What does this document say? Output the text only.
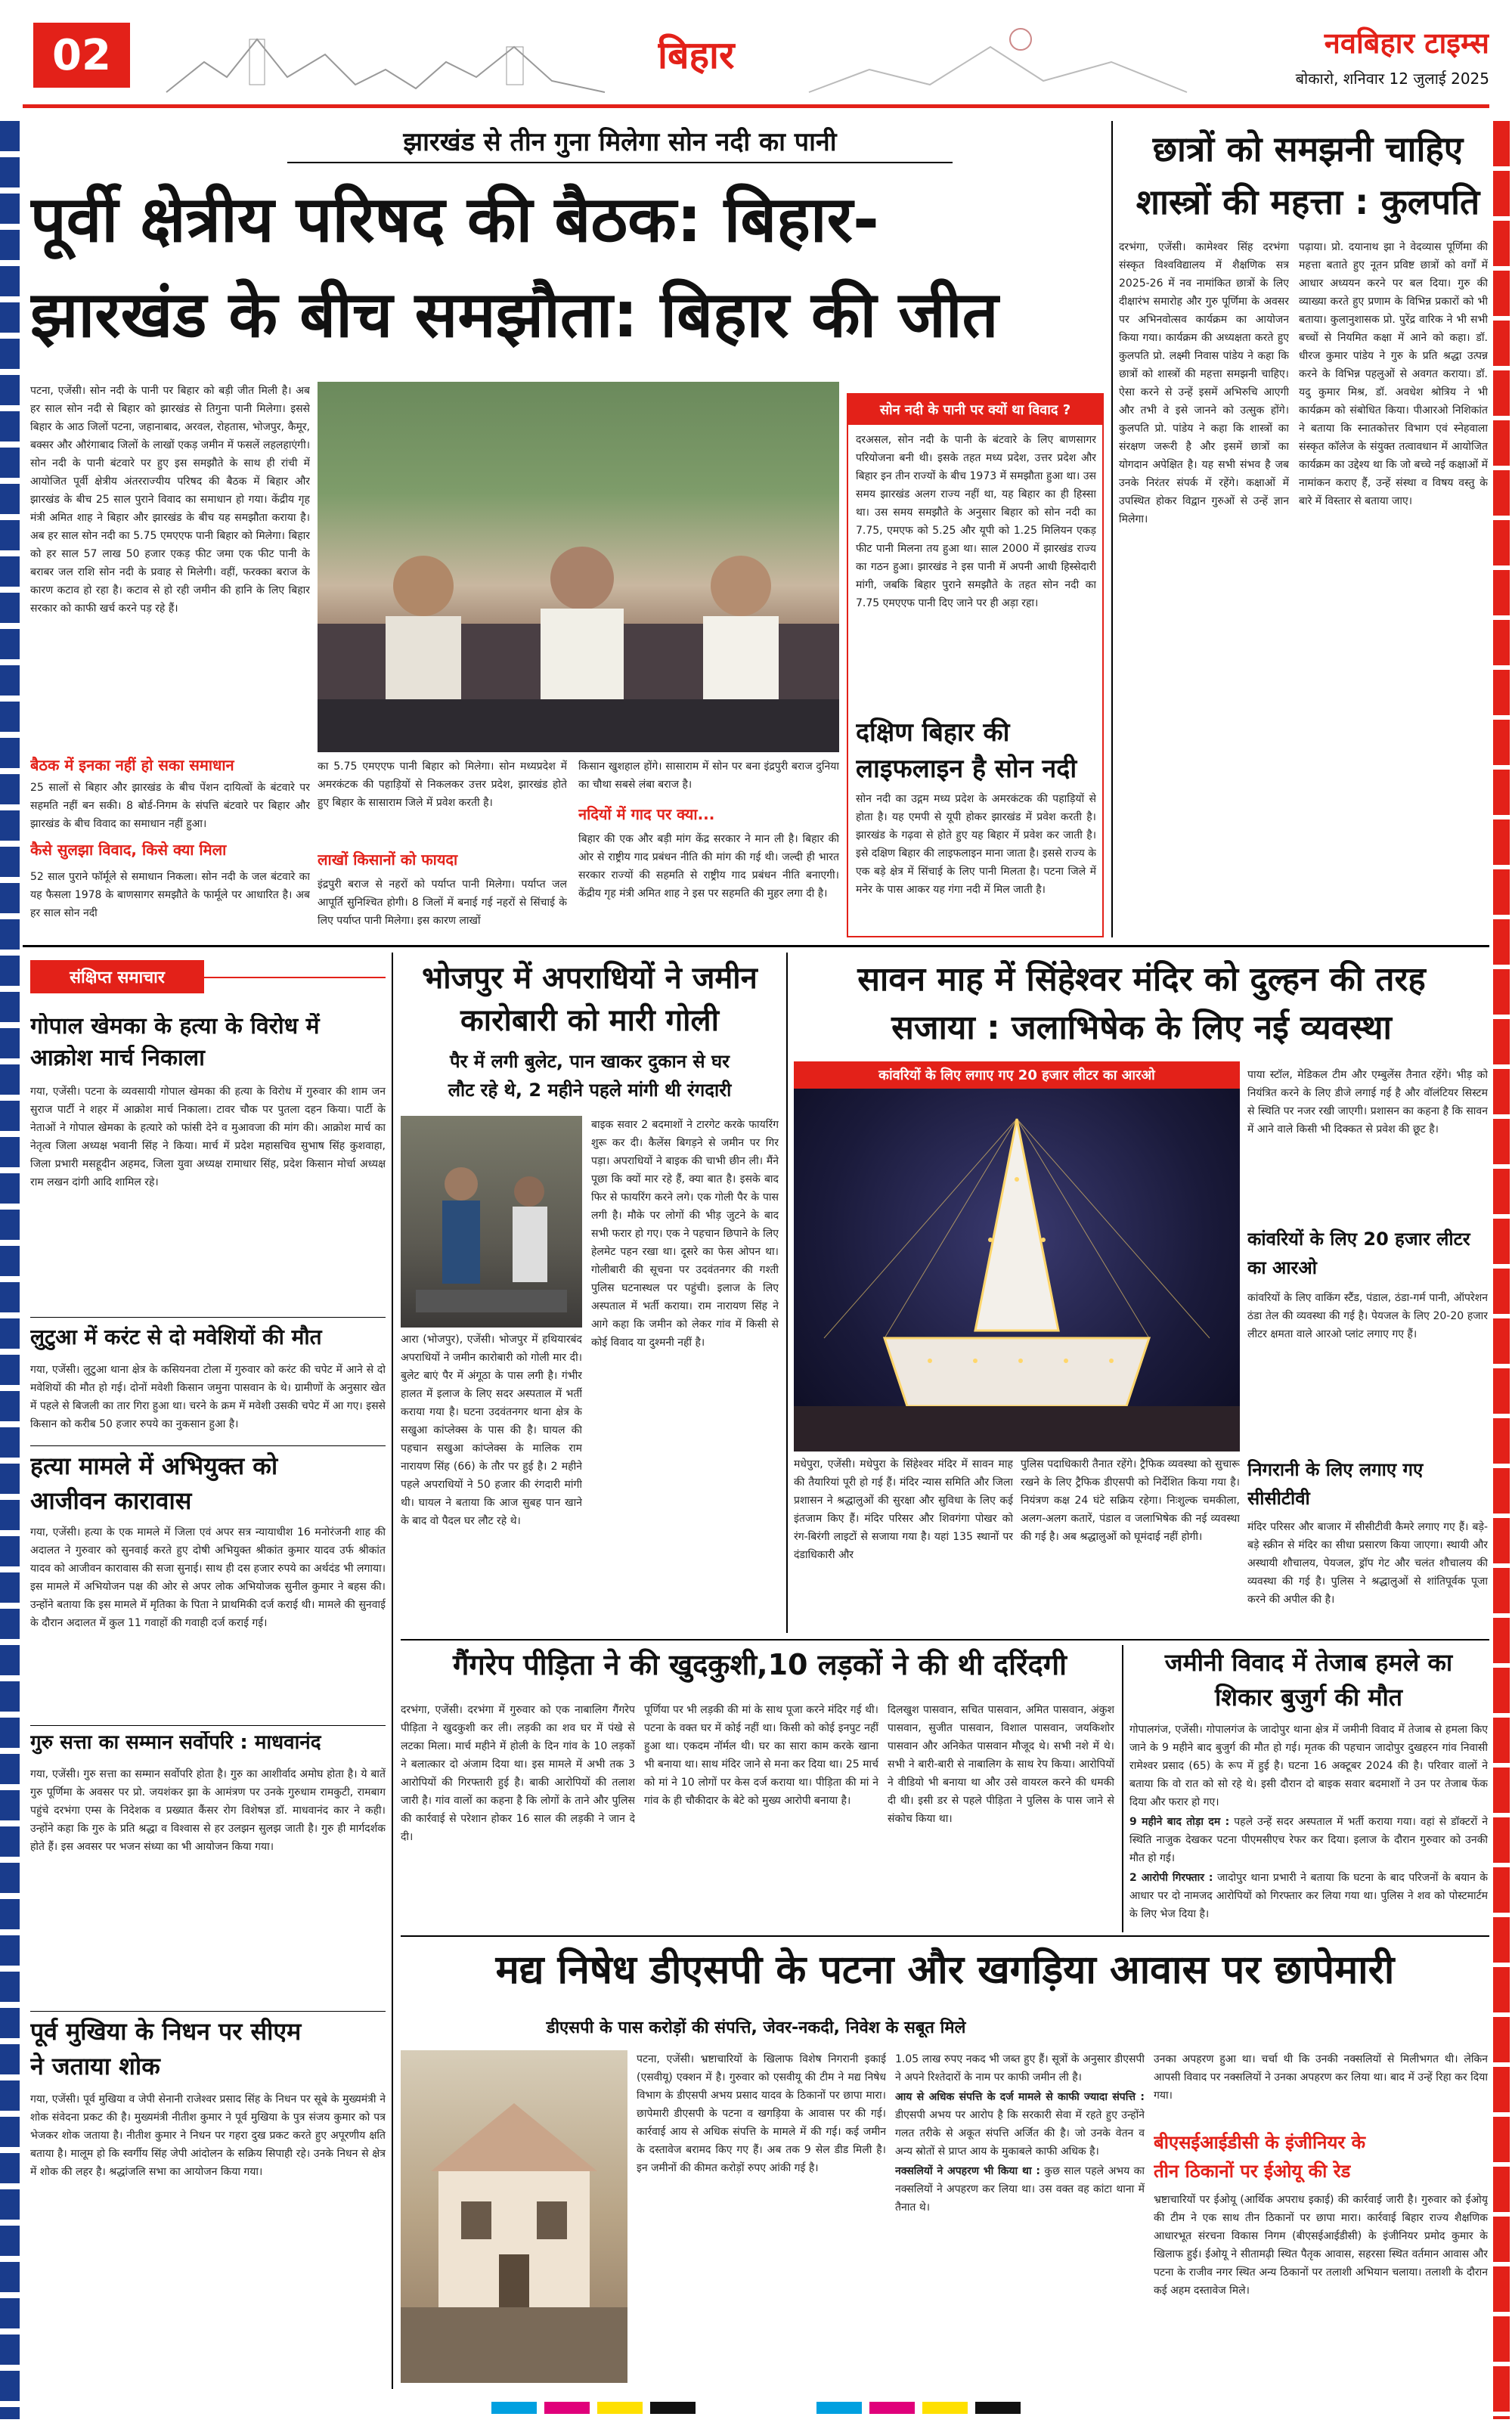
02	बिहार	नवबिहार टाइम्स
बोकारो, शनिवार 12 जुलाई 2025
झारखंड से तीन गुना मिलेगा सोन नदी का पानी
पूर्वी क्षेत्रीय परिषद की बैठक: बिहार-
झारखंड के बीच समझौता: बिहार की जीत

पटना, एजेंसी। सोन नदी के पानी पर बिहार को बड़ी जीत मिली है। अब हर साल सोन नदी से बिहार को झारखंड से तिगुना पानी मिलेगा। इससे बिहार के आठ जिलों पटना, जहानाबाद, अरवल, रोहतास, भोजपुर, कैमूर, बक्सर और औरंगाबाद जिलों के लाखों एकड़ जमीन में फसलें लहलहाएंगी। सोन नदी के पानी बंटवारे पर हुए इस समझौते के साथ ही रांची में आयोजित पूर्वी क्षेत्रीय अंतरराज्यीय परिषद की बैठक में बिहार और झारखंड के बीच 25 साल पुराने विवाद का समाधान हो गया। केंद्रीय गृह मंत्री अमित शाह ने बिहार और झारखंड के बीच यह समझौता कराया है। अब हर साल सोन नदी का 5.75 एमएएफ पानी बिहार को मिलेगा। बिहार को हर साल 57 लाख 50 हजार एकड़ फीट जमा एक फीट पानी के बराबर जल राशि सोन नदी के प्रवाह से मिलेगी। वहीं, फरक्का बराज के कारण कटाव हो रहा है। कटाव से हो रही जमीन की हानि के लिए बिहार सरकार को काफी खर्च करने पड़ रहे हैं।

बैठक में इनका नहीं हो सका समाधान

25 सालों से बिहार और झारखंड के बीच पेंशन दायित्वों के बंटवारे पर सहमति नहीं बन सकी। 8 बोर्ड-निगम के संपत्ति बंटवारे पर बिहार और झारखंड के बीच विवाद का समाधान नहीं हुआ।

कैसे सुलझा विवाद, किसे क्या मिला

52 साल पुराने फॉर्मूले से समाधान निकला। सोन नदी के जल बंटवारे का यह फैसला 1978 के बाणसागर समझौते के फार्मूले पर आधारित है। अब हर साल सोन नदी

का 5.75 एमएएफ पानी बिहार को मिलेगा। सोन मध्यप्रदेश में अमरकंटक की पहाड़ियों से निकलकर उत्तर प्रदेश, झारखंड होते हुए बिहार के सासाराम जिले में प्रवेश करती है।

लाखों किसानों को फायदा

इंद्रपुरी बराज से नहरों को पर्याप्त पानी मिलेगा। पर्याप्त जल आपूर्ति सुनिश्चित होगी। 8 जिलों में बनाई गई नहरों से सिंचाई के लिए पर्याप्त पानी मिलेगा। इस कारण लाखों

किसान खुशहाल होंगे। सासाराम में सोन पर बना इंद्रपुरी बराज दुनिया का चौथा सबसे लंबा बराज है।

नदियों में गाद पर क्या...

बिहार की एक और बड़ी मांग केंद्र सरकार ने मान ली है। बिहार की ओर से राष्ट्रीय गाद प्रबंधन नीति की मांग की गई थी। जल्दी ही भारत सरकार राज्यों की सहमति से राष्ट्रीय गाद प्रबंधन नीति बनाएगी। केंद्रीय गृह मंत्री अमित शाह ने इस पर सहमति की मुहर लगा दी है।

सोन नदी के पानी पर क्यों था विवाद ?

दरअसल, सोन नदी के पानी के बंटवारे के लिए बाणसागर परियोजना बनी थी। इसके तहत मध्य प्रदेश, उत्तर प्रदेश और बिहार इन तीन राज्यों के बीच 1973 में समझौता हुआ था। उस समय झारखंड अलग राज्य नहीं था, यह बिहार का ही हिस्सा था। उस समय समझौते के अनुसार बिहार को सोन नदी का 7.75, एमएफ को 5.25 और यूपी को 1.25 मिलियन एकड़ फीट पानी मिलना तय हुआ था। साल 2000 में झारखंड राज्य का गठन हुआ। झारखंड ने इस पानी में अपनी आधी हिस्सेदारी मांगी, जबकि बिहार पुराने समझौते के तहत सोन नदी का 7.75 एमएएफ पानी दिए जाने पर ही अड़ा रहा।

दक्षिण बिहार की लाइफलाइन है सोन नदी

सोन नदी का उद्गम मध्य प्रदेश के अमरकंटक की पहाड़ियों से होता है। यह एमपी से यूपी होकर झारखंड में प्रवेश करती है। झारखंड के गढ़वा से होते हुए यह बिहार में प्रवेश कर जाती है। इसे दक्षिण बिहार की लाइफलाइन माना जाता है। इससे राज्य के एक बड़े क्षेत्र में सिंचाई के लिए पानी मिलता है। पटना जिले में मनेर के पास आकर यह गंगा नदी में मिल जाती है।

छात्रों को समझनी चाहिए
शास्त्रों की महत्ता : कुलपति

दरभंगा, एजेंसी। कामेश्वर सिंह दरभंगा संस्कृत विश्वविद्यालय में शैक्षणिक सत्र 2025-26 में नव नामांकित छात्रों के लिए दीक्षारंभ समारोह और गुरु पूर्णिमा के अवसर पर अभिनवोत्सव कार्यक्रम का आयोजन किया गया। कार्यक्रम की अध्यक्षता करते हुए कुलपति प्रो. लक्ष्मी निवास पांडेय ने कहा कि छात्रों को शास्त्रों की महत्ता समझनी चाहिए। ऐसा करने से उन्हें इसमें अभिरुचि आएगी और तभी वे इसे जानने को उत्सुक होंगे। कुलपति प्रो. पांडेय ने कहा कि शास्त्रों का संरक्षण जरूरी है और इसमें छात्रों का योगदान अपेक्षित है। यह सभी संभव है जब उनके निरंतर संपर्क में रहेंगे। कक्षाओं में उपस्थित होकर विद्वान गुरुओं से उन्हें ज्ञान मिलेगा।

पढ़ाया। प्रो. दयानाथ झा ने वेदव्यास पूर्णिमा की महत्ता बताते हुए नूतन प्रविष्ट छात्रों को वर्गों में आधार अध्ययन करने पर बल दिया। गुरु की व्याख्या करते हुए प्रणाम के विभिन्न प्रकारों को भी बताया। कुलानुशासक प्रो. पुरेंद्र वारिक ने भी सभी बच्चों से नियमित कक्षा में आने को कहा। डॉ. धीरज कुमार पांडेय ने गुरु के प्रति श्रद्धा उत्पन्न करने के विभिन्न पहलुओं से अवगत कराया। डॉ. यदु कुमार मिश्र, डॉ. अवधेश श्रोत्रिय ने भी कार्यक्रम को संबोधित किया। पीआरओ निशिकांत ने बताया कि स्नातकोत्तर विभाग एवं स्नेहवाला संस्कृत कॉलेज के संयुक्त तत्वावधान में आयोजित कार्यक्रम का उद्देश्य था कि जो बच्चे नई कक्षाओं में नामांकन कराए हैं, उन्हें संस्था व विषय वस्तु के बारे में विस्तार से बताया जाए।

संक्षिप्त समाचार
गोपाल खेमका के हत्या के विरोध में
आक्रोश मार्च निकाला

गया, एजेंसी। पटना के व्यवसायी गोपाल खेमका की हत्या के विरोध में गुरुवार की शाम जन सुराज पार्टी ने शहर में आक्रोश मार्च निकाला। टावर चौक पर पुतला दहन किया। पार्टी के नेताओं ने गोपाल खेमका के हत्यारे को फांसी देने व मुआवजा की मांग की। आक्रोश मार्च का नेतृत्व जिला अध्यक्ष भवानी सिंह ने किया। मार्च में प्रदेश महासचिव सुभाष सिंह कुशवाहा, जिला प्रभारी मसहूदीन अहमद, जिला युवा अध्यक्ष रामाधार सिंह, प्रदेश किसान मोर्चा अध्यक्ष राम लखन दांगी आदि शामिल रहे।

लुटुआ में करंट से दो मवेशियों की मौत

गया, एजेंसी। लुटुआ थाना क्षेत्र के कसियनवा टोला में गुरुवार को करंट की चपेट में आने से दो मवेशियों की मौत हो गई। दोनों मवेशी किसान जमुना पासवान के थे। ग्रामीणों के अनुसार खेत में पहले से बिजली का तार गिरा हुआ था। चरने के क्रम में मवेशी उसकी चपेट में आ गए। इससे किसान को करीब 50 हजार रुपये का नुकसान हुआ है।

हत्या मामले में अभियुक्त को
आजीवन कारावास

गया, एजेंसी। हत्या के एक मामले में जिला एवं अपर सत्र न्यायाधीश 16 मनोरंजनी शाह की अदालत ने गुरुवार को सुनवाई करते हुए दोषी अभियुक्त श्रीकांत कुमार यादव उर्फ श्रीकांत यादव को आजीवन कारावास की सजा सुनाई। साथ ही दस हजार रुपये का अर्थदंड भी लगाया। इस मामले में अभियोजन पक्ष की ओर से अपर लोक अभियोजक सुनील कुमार ने बहस की। उन्होंने बताया कि इस मामले में मृतिका के पिता ने प्राथमिकी दर्ज कराई थी। मामले की सुनवाई के दौरान अदालत में कुल 11 गवाहों की गवाही दर्ज कराई गई।

गुरु सत्ता का सम्मान सर्वोपरि : माधवानंद

गया, एजेंसी। गुरु सत्ता का सम्मान सर्वोपरि होता है। गुरु का आशीर्वाद अमोघ होता है। ये बातें गुरु पूर्णिमा के अवसर पर प्रो. जयशंकर झा के आमंत्रण पर उनके गुरुधाम रामकुटी, रामबाग पहुंचे दरभंगा एम्स के निदेशक व प्रख्यात कैंसर रोग विशेषज्ञ डॉ. माधवानंद कार ने कही। उन्होंने कहा कि गुरु के प्रति श्रद्धा व विश्वास से हर उलझन सुलझ जाती है। गुरु ही मार्गदर्शक होते हैं। इस अवसर पर भजन संध्या का भी आयोजन किया गया।

पूर्व मुखिया के निधन पर सीएम
ने जताया शोक

गया, एजेंसी। पूर्व मुखिया व जेपी सेनानी राजेश्वर प्रसाद सिंह के निधन पर सूबे के मुख्यमंत्री ने शोक संवेदना प्रकट की है। मुख्यमंत्री नीतीश कुमार ने पूर्व मुखिया के पुत्र संजय कुमार को पत्र भेजकर शोक जताया है। नीतीश कुमार ने निधन पर गहरा दुख प्रकट करते हुए अपूरणीय क्षति बताया है। मालूम हो कि स्वर्गीय सिंह जेपी आंदोलन के सक्रिय सिपाही रहे। उनके निधन से क्षेत्र में शोक की लहर है। श्रद्धांजलि सभा का आयोजन किया गया।

भोजपुर में अपराधियों ने जमीन
कारोबारी को मारी गोली
पैर में लगी बुलेट, पान खाकर दुकान से घर
लौट रहे थे, 2 महीने पहले मांगी थी रंगदारी

आरा (भोजपुर), एजेंसी। भोजपुर में हथियारबंद अपराधियों ने जमीन कारोबारी को गोली मार दी। बुलेट बाएं पैर में अंगूठा के पास लगी है। गंभीर हालत में इलाज के लिए सदर अस्पताल में भर्ती कराया गया है। घटना उदवंतनगर थाना क्षेत्र के सखुआ कांप्लेक्स के पास की है। घायल की पहचान सखुआ कांप्लेक्स के मालिक राम नारायण सिंह (66) के तौर पर हुई है। 2 महीने पहले अपराधियों ने 50 हजार की रंगदारी मांगी थी। घायल ने बताया कि आज सुबह पान खाने के बाद वो पैदल घर लौट रहे थे।

बाइक सवार 2 बदमाशों ने टारगेट करके फायरिंग शुरू कर दी। कैलेंस बिगड़ने से जमीन पर गिर पड़ा। अपराधियों ने बाइक की चाभी छीन ली। मैंने पूछा कि क्यों मार रहे हैं, क्या बात है। इसके बाद फिर से फायरिंग करने लगे। एक गोली पैर के पास लगी है। मौके पर लोगों की भीड़ जुटने के बाद सभी फरार हो गए। एक ने पहचान छिपाने के लिए हेलमेट पहन रखा था। दूसरे का फेस ओपन था। गोलीबारी की सूचना पर उदवंतनगर की गश्ती पुलिस घटनास्थल पर पहुंची। इलाज के लिए अस्पताल में भर्ती कराया। राम नारायण सिंह ने आगे कहा कि जमीन को लेकर गांव में किसी से कोई विवाद या दुश्मनी नहीं है।

सावन माह में सिंहेश्वर मंदिर को दुल्हन की तरह
सजाया : जलाभिषेक के लिए नई व्यवस्था
कांवरियों के लिए लगाए गए 20 हजार लीटर का आरओ

मधेपुरा, एजेंसी। मधेपुरा के सिंहेश्वर मंदिर में सावन माह की तैयारियां पूरी हो गई हैं। मंदिर न्यास समिति और जिला प्रशासन ने श्रद्धालुओं की सुरक्षा और सुविधा के लिए कई इंतजाम किए हैं। मंदिर परिसर और शिवगंगा पोखर को रंग-बिरंगी लाइटों से सजाया गया है। यहां 135 स्थानों पर दंडाधिकारी और

पुलिस पदाधिकारी तैनात रहेंगे। ट्रैफिक व्यवस्था को सुचारू रखने के लिए ट्रैफिक डीएसपी को निर्देशित किया गया है। नियंत्रण कक्ष 24 घंटे सक्रिय रहेगा। निःशुल्क चमकीला, अलग-अलग कतारें, पंडाल व जलाभिषेक की नई व्यवस्था की गई है। अब श्रद्धालुओं को घूमंदाई नहीं होगी।

पाया स्टॉल, मेडिकल टीम और एम्बुलेंस तैनात रहेंगे। भीड़ को नियंत्रित करने के लिए डीजे लगाई गई है और वॉलंटियर सिस्टम से स्थिति पर नजर रखी जाएगी। प्रशासन का कहना है कि सावन में आने वाले किसी भी दिक्कत से प्रवेश की छूट है।

कांवरियों के लिए 20 हजार लीटर
का आरओ

कांवरियों के लिए वाकिंग स्टैंड, पंडाल, ठंडा-गर्म पानी, ऑपरेशन ठंडा तेल की व्यवस्था की गई है। पेयजल के लिए 20-20 हजार लीटर क्षमता वाले आरओ प्लांट लगाए गए हैं।

निगरानी के लिए लगाए गए
सीसीटीवी

मंदिर परिसर और बाजार में सीसीटीवी कैमरे लगाए गए हैं। बड़े-बड़े स्क्रीन से मंदिर का सीधा प्रसारण किया जाएगा। स्थायी और अस्थायी शौचालय, पेयजल, ड्रॉप गेट और चलंत शौचालय की व्यवस्था की गई है। पुलिस ने श्रद्धालुओं से शांतिपूर्वक पूजा करने की अपील की है।

गैंगरेप पीड़िता ने की खुदकुशी,10 लड़कों ने की थी दरिंदगी

दरभंगा, एजेंसी। दरभंगा में गुरुवार को एक नाबालिग गैंगरेप पीड़िता ने खुदकुशी कर ली। लड़की का शव घर में पंखे से लटका मिला। मार्च महीने में होली के दिन गांव के 10 लड़कों ने बलात्कार दो अंजाम दिया था। इस मामले में अभी तक 3 आरोपियों की गिरफ्तारी हुई है। बाकी आरोपियों की तलाश जारी है। गांव वालों का कहना है कि लोगों के ताने और पुलिस की कार्रवाई से परेशान होकर 16 साल की लड़की ने जान दे दी।

पूर्णिया पर भी लड़की की मां के साथ पूजा करने मंदिर गई थी। पटना के वक्त घर में कोई नहीं था। किसी को कोई इनपुट नहीं हुआ था। एकदम नॉर्मल थी। घर का सारा काम करके खाना भी बनाया था। साथ मंदिर जाने से मना कर दिया था। 25 मार्च को मां ने 10 लोगों पर केस दर्ज कराया था। पीड़िता की मां ने गांव के ही चौकीदार के बेटे को मुख्य आरोपी बनाया है।

दिलखुश पासवान, सचित पासवान, अमित पासवान, अंकुश पासवान, सुजीत पासवान, विशाल पासवान, जयकिशोर पासवान और अनिकेत पासवान मौजूद थे। सभी नशे में थे। सभी ने बारी-बारी से नाबालिग के साथ रेप किया। आरोपियों ने वीडियो भी बनाया था और उसे वायरल करने की धमकी दी थी। इसी डर से पहले पीड़िता ने पुलिस के पास जाने से संकोच किया था।

जमीनी विवाद में तेजाब हमले का
शिकार बुजुर्ग की मौत

गोपालगंज, एजेंसी। गोपालगंज के जादोपुर थाना क्षेत्र में जमीनी विवाद में तेजाब से हमला किए जाने के 9 महीने बाद बुजुर्ग की मौत हो गई। मृतक की पहचान जादोपुर दुखहरन गांव निवासी रामेश्वर प्रसाद (65) के रूप में हुई है। घटना 16 अक्टूबर 2024 की है। परिवार वालों ने बताया कि वो रात को सो रहे थे। इसी दौरान दो बाइक सवार बदमाशों ने उन पर तेजाब फेंक दिया और फरार हो गए।

9 महीने बाद तोड़ा दम : पहले उन्हें सदर अस्पताल में भर्ती कराया गया। वहां से डॉक्टरों ने स्थिति नाजुक देखकर पटना पीएमसीएच रेफर कर दिया। इलाज के दौरान गुरुवार को उनकी मौत हो गई।

2 आरोपी गिरफ्तार : जादोपुर थाना प्रभारी ने बताया कि घटना के बाद परिजनों के बयान के आधार पर दो नामजद आरोपियों को गिरफ्तार कर लिया गया था। पुलिस ने शव को पोस्टमार्टम के लिए भेज दिया है।

मद्य निषेध डीएसपी के पटना और खगड़िया आवास पर छापेमारी
डीएसपी के पास करोड़ों की संपत्ति, जेवर-नकदी, निवेश के सबूत मिले

पटना, एजेंसी। भ्रष्टाचारियों के खिलाफ विशेष निगरानी इकाई (एसवीयू) एक्शन में है। गुरुवार को एसवीयू की टीम ने मद्य निषेध विभाग के डीएसपी अभय प्रसाद यादव के ठिकानों पर छापा मारा। छापेमारी डीएसपी के पटना व खगड़िया के आवास पर की गई। कार्रवाई आय से अधिक संपत्ति के मामले में की गई। कई जमीन के दस्तावेज बरामद किए गए हैं। अब तक 9 सेल डीड मिली है। इन जमीनों की कीमत करोड़ों रुपए आंकी गई है।

1.05 लाख रुपए नकद भी जब्त हुए हैं। सूत्रों के अनुसार डीएसपी ने अपने रिश्तेदारों के नाम पर काफी जमीन ली है।

आय से अधिक संपत्ति के दर्ज मामले से काफी ज्यादा संपत्ति : डीएसपी अभय पर आरोप है कि सरकारी सेवा में रहते हुए उन्होंने गलत तरीके से अकूत संपत्ति अर्जित की है। जो उनके वेतन व अन्य स्रोतों से प्राप्त आय के मुकाबले काफी अधिक है।

नक्सलियों ने अपहरण भी किया था : कुछ साल पहले अभय का नक्सलियों ने अपहरण कर लिया था। उस वक्त वह कांटा थाना में तैनात थे।

उनका अपहरण हुआ था। चर्चा थी कि उनकी नक्सलियों से मिलीभगत थी। लेकिन आपसी विवाद पर नक्सलियों ने उनका अपहरण कर लिया था। बाद में उन्हें रिहा कर दिया गया।

बीएसईआईडीसी के इंजीनियर के
तीन ठिकानों पर ईओयू की रेड

भ्रष्टाचारियों पर ईओयू (आर्थिक अपराध इकाई) की कार्रवाई जारी है। गुरुवार को ईओयू की टीम ने एक साथ तीन ठिकानों पर छापा मारा। कार्रवाई बिहार राज्य शैक्षणिक आधारभूत संरचना विकास निगम (बीएसईआईडीसी) के इंजीनियर प्रमोद कुमार के खिलाफ हुई। ईओयू ने सीतामढ़ी स्थित पैतृक आवास, सहरसा स्थित वर्तमान आवास और पटना के राजीव नगर स्थित अन्य ठिकानों पर तलाशी अभियान चलाया। तलाशी के दौरान कई अहम दस्तावेज मिले।
